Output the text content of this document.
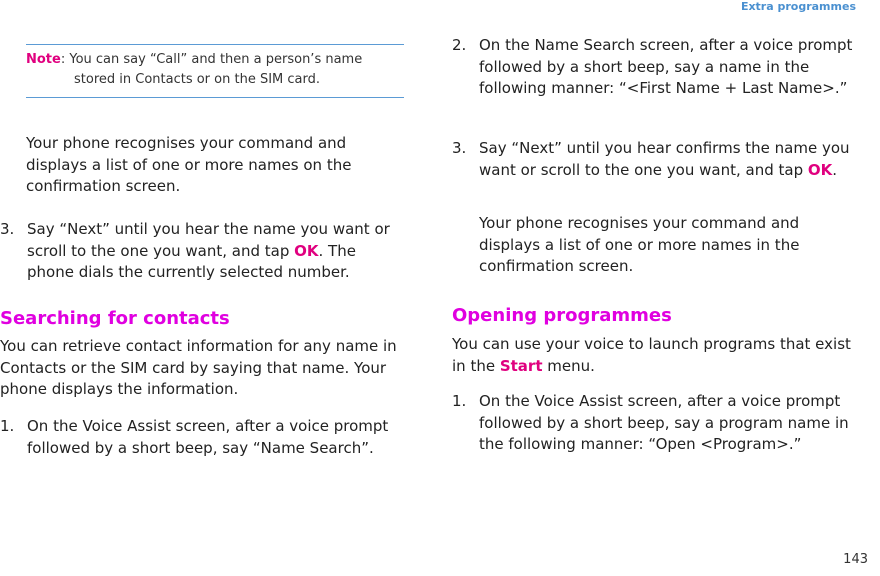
Extra programmes
Note: You can say “Call” and then a person’s name stored in Contacts or on the SIM card.
Your phone recognises your command and displays a list of one or more names on the confirmation screen.
3. Say “Next” until you hear the name you want or scroll to the one you want, and tap OK. The phone dials the currently selected number.
Searching for contacts
You can retrieve contact information for any name in Contacts or the SIM card by saying that name. Your phone displays the information.
1. On the Voice Assist screen, after a voice prompt followed by a short beep, say “Name Search”.
2. On the Name Search screen, after a voice prompt followed by a short beep, say a name in the following manner: “<First Name + Last Name>.”
3. Say “Next” until you hear confirms the name you want or scroll to the one you want, and tap OK.
Your phone recognises your command and displays a list of one or more names in the confirmation screen.
Opening programmes
You can use your voice to launch programs that exist in the Start menu.
1. On the Voice Assist screen, after a voice prompt followed by a short beep, say a program name in the following manner: “Open <Program>.”
143
